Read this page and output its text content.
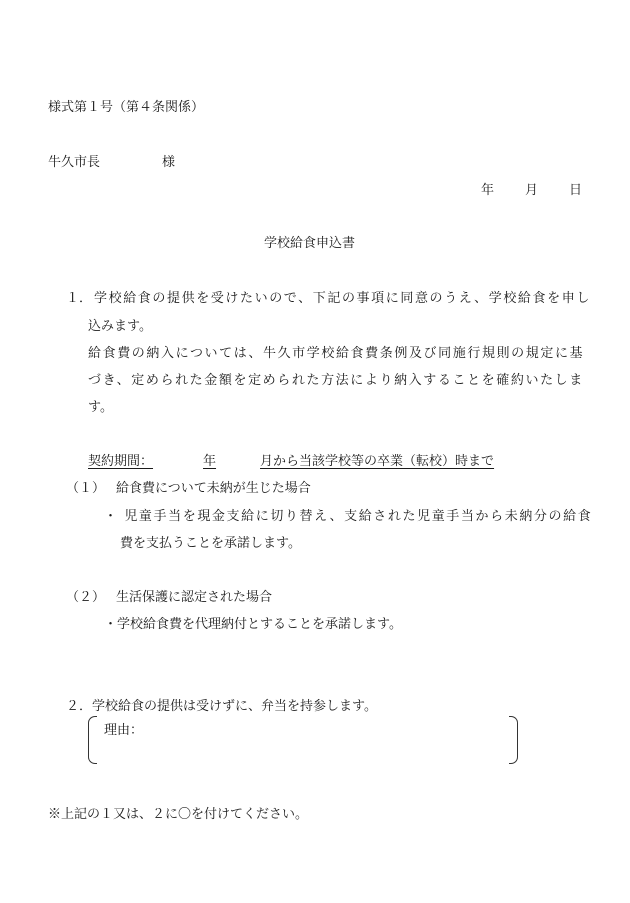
様式第１号（第４条関係）

牛久市長	様

年 月 日

学校給食申込書

１． 学校給食の提供を受けたいので、下記の事項に同意のうえ、学校給食を申し

込みます。

給食費の納入については、牛久市学校給食費条例及び同施行規則の規定に基

づき、定められた金額を定められた方法により納入することを確約いたしま

す。

契約期間：	年	月から当該学校等の卒業（転校）時まで

（１） 給食費について未納が生じた場合

・ 児童手当を現金支給に切り替え、支給された児童手当から未納分の給食

費を支払うことを承諾します。

（２） 生活保護に認定された場合

・学校給食費を代理納付とすることを承諾します。

２．学校給食の提供は受けずに、弁当を持参します。

理由：

※上記の１又は、２に〇を付けてください。
